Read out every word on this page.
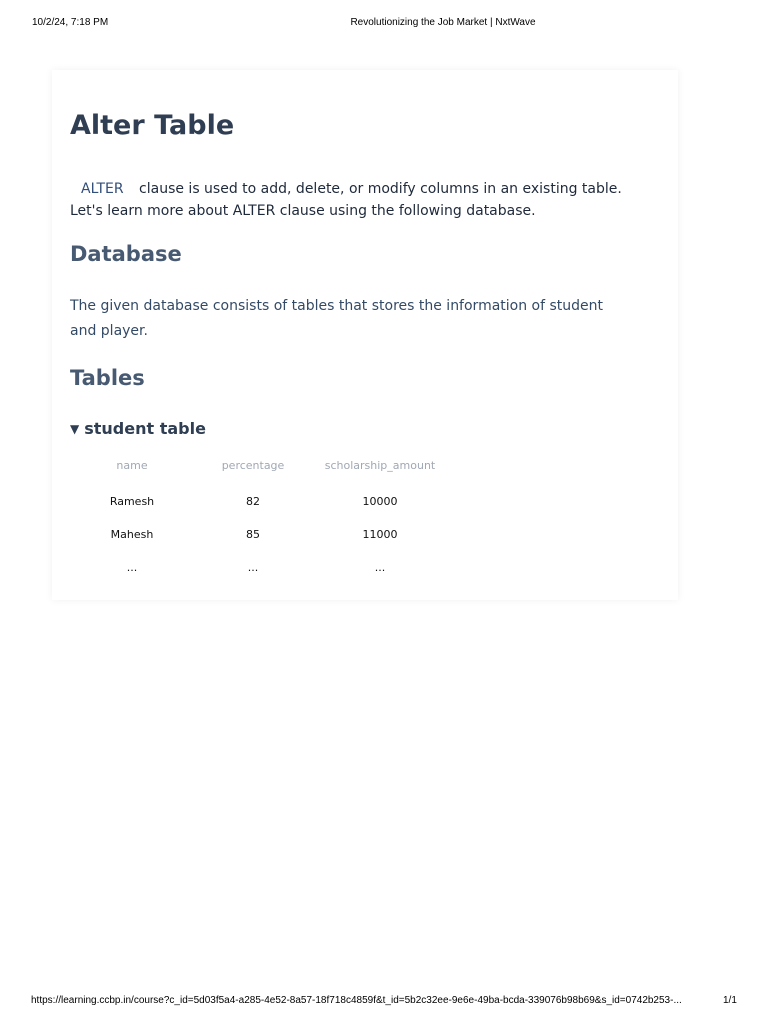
10/2/24, 7:18 PM	Revolutionizing the Job Market | NxtWave
Alter Table

ALTER clause is used to add, delete, or modify columns in an existing table. Let's learn more about ALTER clause using the following database.

Database

The given database consists of tables that stores the information of student and player.

Tables
▼ student table
name	percentage	scholarship_amount
Ramesh	82	10000
Mahesh	85	11000
...	...	...
https://learning.ccbp.in/course?c_id=5d03f5a4-a285-4e52-8a57-18f718c4859f&t_id=5b2c32ee-9e6e-49ba-bcda-339076b98b69&s_id=0742b253-...	1/1
